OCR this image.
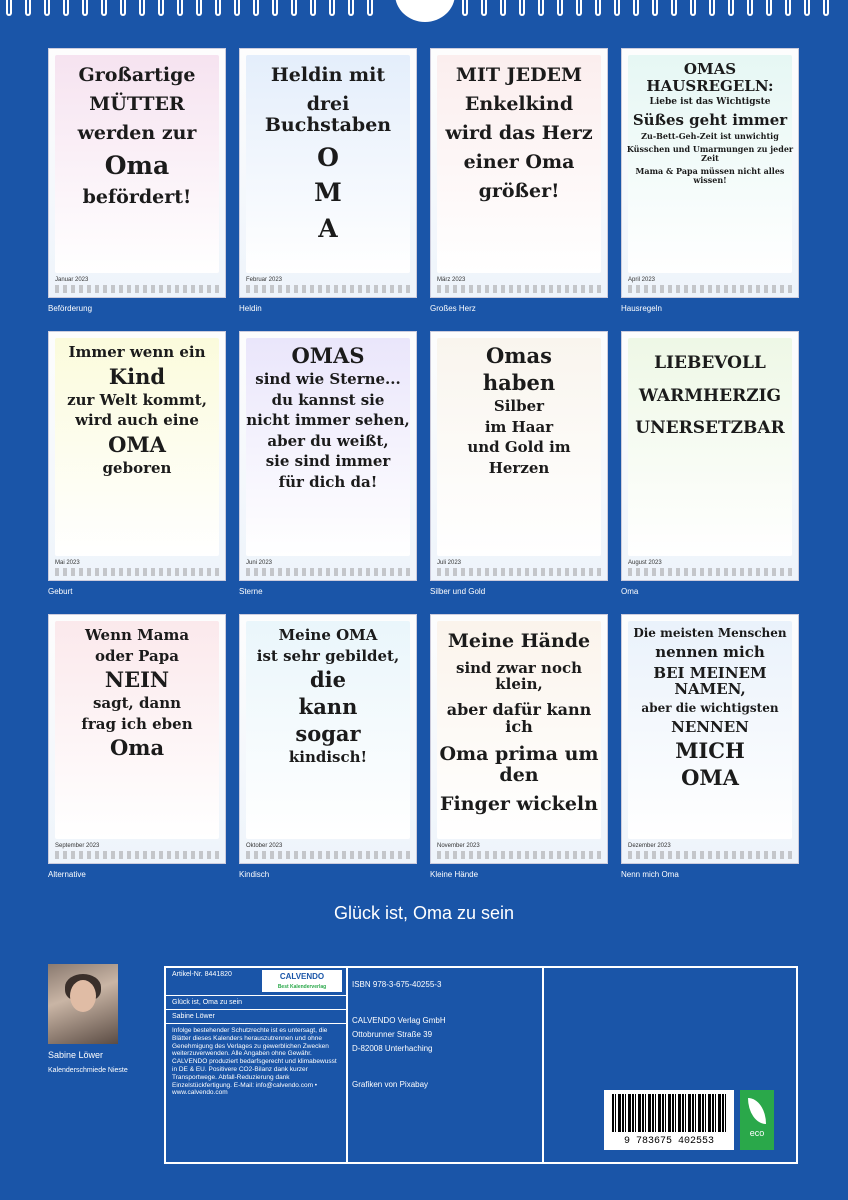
Großartige
MÜTTER
werden zur
Oma
befördert!
Januar 2023
Beförderung
Heldin mit
drei Buchstaben
O
M
A
Februar 2023
Heldin
MIT JEDEM
Enkelkind
wird das Herz
einer Oma
größer!
März 2023
Großes Herz
OMAS HAUSREGELN:
Liebe ist das Wichtigste
Süßes geht immer
Zu-Bett-Geh-Zeit ist unwichtig
Küsschen und Umarmungen zu jeder Zeit
Mama & Papa müssen nicht alles wissen!
April 2023
Hausregeln
Immer wenn ein
Kind
zur Welt kommt,
wird auch eine
OMA
geboren
Mai 2023
Geburt
OMAS
sind wie Sterne...
du kannst sie
nicht immer sehen,
aber du weißt,
sie sind immer
für dich da!
Juni 2023
Sterne
Omas
haben
Silber
im Haar
und Gold im
Herzen
Juli 2023
Silber und Gold
LIEBEVOLL
WARMHERZIG
UNERSETZBAR
August 2023
Oma
Wenn Mama
oder Papa
NEIN
sagt, dann
frag ich eben
Oma
September 2023
Alternative
Meine OMA
ist sehr gebildet,
die
kann
sogar
kindisch!
Oktober 2023
Kindisch
Meine Hände
sind zwar noch klein,
aber dafür kann ich
Oma prima um den
Finger wickeln
November 2023
Kleine Hände
Die meisten Menschen
nennen mich
BEI MEINEM NAMEN,
aber die wichtigsten
NENNEN
MICH
OMA
Dezember 2023
Nenn mich Oma
Glück ist, Oma zu sein
Sabine Löwer
Kalenderschmiede Nieste
Artikel-Nr. 8441820	CALVENDO
Best Kalenderverlag
Glück ist, Oma zu sein
Sabine Löwer
Infolge bestehender Schutzrechte ist es untersagt, die Blätter dieses Kalenders herauszutrennen und ohne Genehmigung des Verlages zu gewerblichen Zwecken weiterzuverwenden. Alle Angaben ohne Gewähr. CALVENDO produziert bedarfsgerecht und klimabewusst in DE & EU. Positivere CO2-Bilanz dank kurzer Transportwege. Abfall-Reduzierung dank Einzelstückfertigung. E-Mail: info@calvendo.com • www.calvendo.com
ISBN 978-3-675-40255-3
CALVENDO Verlag GmbH
Ottobrunner Straße 39
D-82008 Unterhaching
Grafiken von Pixabay
9 783675 402553
eco
